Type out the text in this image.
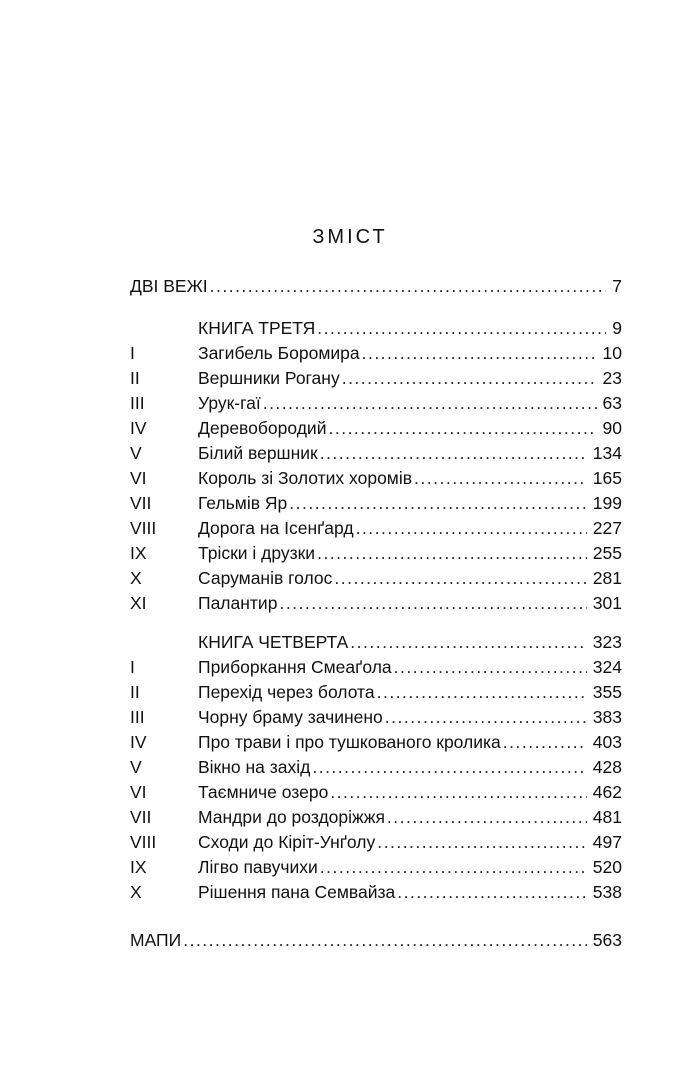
ЗМІСТ
ДВІ ВЕЖІ .....	7
КНИГА ТРЕТЯ .....	9
I	Загибель Боромира .....	10
II	Вершники Рогану .....	23
III	Урук-гаї .....	63
IV	Деревобородий .....	90
V	Білий вершник .....	134
VI	Король зі Золотих хоромів .....	165
VII	Гельмів Яр .....	199
VIII	Дорога на Ісенґард .....	227
IX	Тріски і друзки .....	255
X	Саруманів голос .....	281
XI	Палантир .....	301
КНИГА ЧЕТВЕРТА .....	323
I	Приборкання Смеаґола .....	324
II	Перехід через болота .....	355
III	Чорну браму зачинено .....	383
IV	Про трави і про тушкованого кролика .....	403
V	Вікно на захід .....	428
VI	Таємниче озеро .....	462
VII	Мандри до роздоріжжя .....	481
VIII	Сходи до Кіріт-Унґолу .....	497
IX	Лігво павучихи .....	520
X	Рішення пана Семвайза .....	538
МАПИ .....	563
